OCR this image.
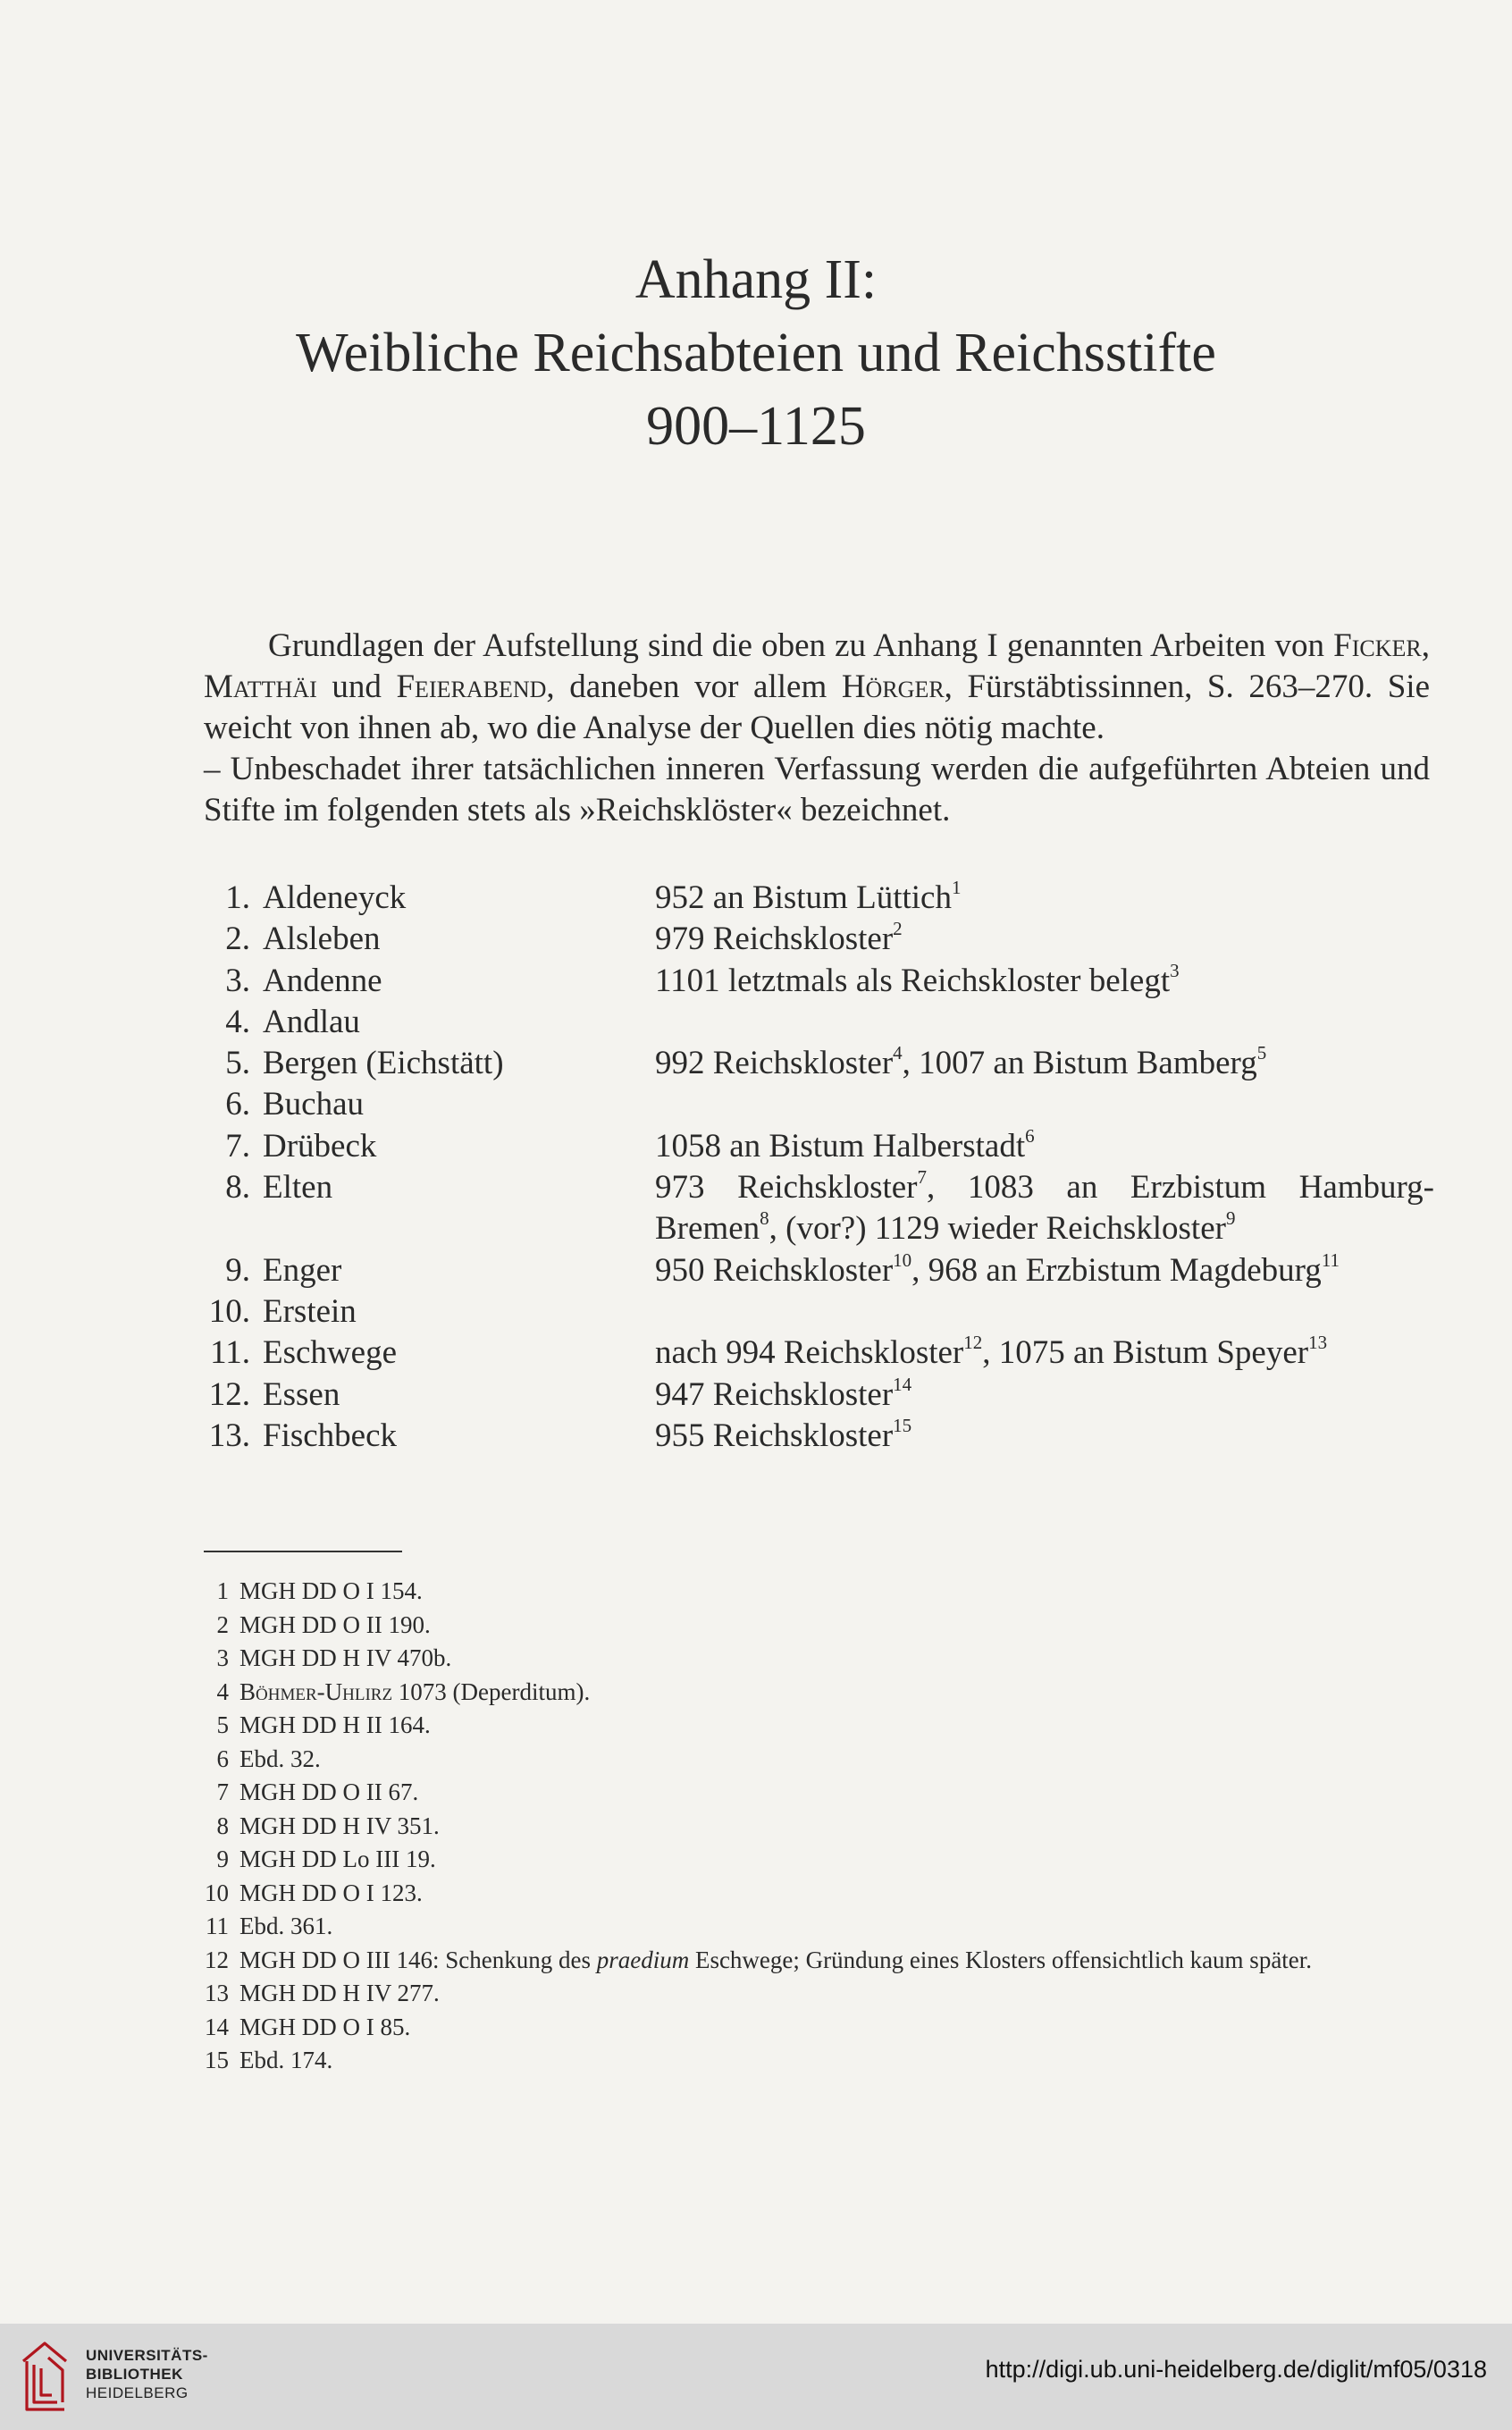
Anhang II:
Weibliche Reichsabteien und Reichsstifte
900–1125

Grundlagen der Aufstellung sind die oben zu Anhang I genannten Arbeiten von Ficker, Matthäi und Feierabend, daneben vor allem Hörger, Fürstäbtissinnen, S. 263–270. Sie weicht von ihnen ab, wo die Analyse der Quellen dies nötig machte.

– Unbeschadet ihrer tatsächlichen inneren Verfassung werden die aufgeführten Abteien und Stifte im folgenden stets als »Reichsklöster« bezeichnet.

1. Aldeneyck	952 an Bistum Lüttich$^1$
2. Alsleben	979 Reichskloster$^2$
3. Andenne	1101 letztmals als Reichskloster belegt$^3$
4. Andlau
5. Bergen (Eichstätt)	992 Reichskloster$^4$, 1007 an Bistum Bamberg$^5$
6. Buchau
7. Drübeck	1058 an Bistum Halberstadt$^6$
8. Elten	973 Reichskloster$^7$, 1083 an Erzbistum Hamburg-Bremen$^8$, (vor?) 1129 wieder Reichskloster$^9$
9. Enger	950 Reichskloster$^{10}$, 968 an Erzbistum Magdeburg$^{11}$
10. Erstein
11. Eschwege	nach 994 Reichskloster$^{12}$, 1075 an Bistum Speyer$^{13}$
12. Essen	947 Reichskloster$^{14}$
13. Fischbeck	955 Reichskloster$^{15}$
1 MGH DD O I 154.
2 MGH DD O II 190.
3 MGH DD H IV 470b.
4 Böhmer-Uhlirz 1073 (Deperditum).
5 MGH DD H II 164.
6 Ebd. 32.
7 MGH DD O II 67.
8 MGH DD H IV 351.
9 MGH DD Lo III 19.
10 MGH DD O I 123.
11 Ebd. 361.
12 MGH DD O III 146: Schenkung des praedium Eschwege; Gründung eines Klosters offensichtlich kaum später.
13 MGH DD H IV 277.
14 MGH DD O I 85.
15 Ebd. 174.
UNIVERSITÄTS-
BIBLIOTHEK
HEIDELBERG
http://digi.ub.uni-heidelberg.de/diglit/mf05/0318
